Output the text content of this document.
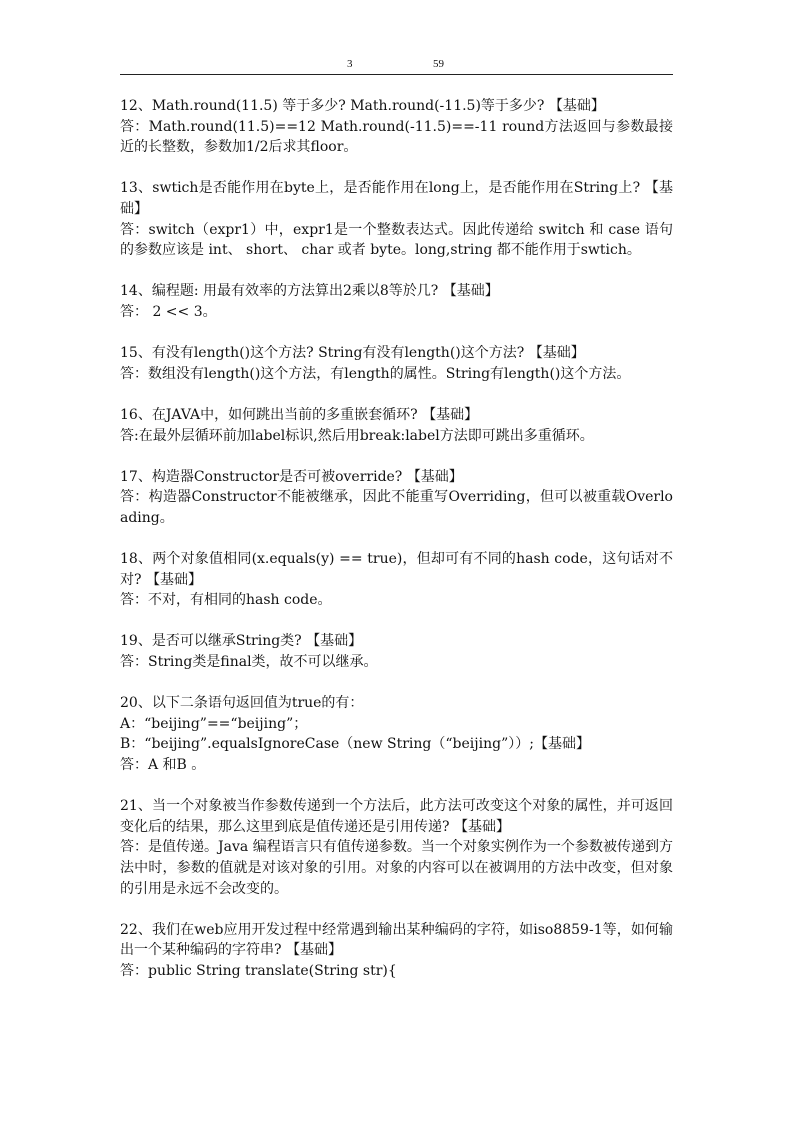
3	59

12、Math.round(11.5) 等于多少? Math.round(-11.5)等于多少? 【基础】

答：Math.round(11.5)==12 Math.round(-11.5)==-11 round方法返回与参数最接近的长整数，参数加1/2后求其floor。

13、swtich是否能作用在byte上，是否能作用在long上，是否能作用在String上? 【基础】

答：switch（expr1）中，expr1是一个整数表达式。因此传递给 switch 和 case 语句的参数应该是 int、 short、 char 或者 byte。long,string 都不能作用于swtich。

14、编程题: 用最有效率的方法算出2乘以8等於几? 【基础】

答： 2 << 3。

15、有没有length()这个方法? String有没有length()这个方法? 【基础】

答：数组没有length()这个方法，有length的属性。String有length()这个方法。

16、在JAVA中，如何跳出当前的多重嵌套循环? 【基础】

答:在最外层循环前加label标识,然后用break:label方法即可跳出多重循环。

17、构造器Constructor是否可被override? 【基础】

答：构造器Constructor不能被继承，因此不能重写Overriding，但可以被重载Overloading。

18、两个对象值相同(x.equals(y) == true)，但却可有不同的hash code，这句话对不对? 【基础】

答：不对，有相同的hash code。

19、是否可以继承String类? 【基础】

答：String类是final类，故不可以继承。

20、以下二条语句返回值为true的有：

A：“beijing”==“beijing”；

B：“beijing”.equalsIgnoreCase（new String（“beijing”））;【基础】

答：A 和B 。

21、当一个对象被当作参数传递到一个方法后，此方法可改变这个对象的属性，并可返回变化后的结果，那么这里到底是值传递还是引用传递? 【基础】

答：是值传递。Java 编程语言只有值传递参数。当一个对象实例作为一个参数被传递到方法中时，参数的值就是对该对象的引用。对象的内容可以在被调用的方法中改变，但对象的引用是永远不会改变的。

22、我们在web应用开发过程中经常遇到输出某种编码的字符，如iso8859-1等，如何输出一个某种编码的字符串? 【基础】

答：public String translate(String str){
